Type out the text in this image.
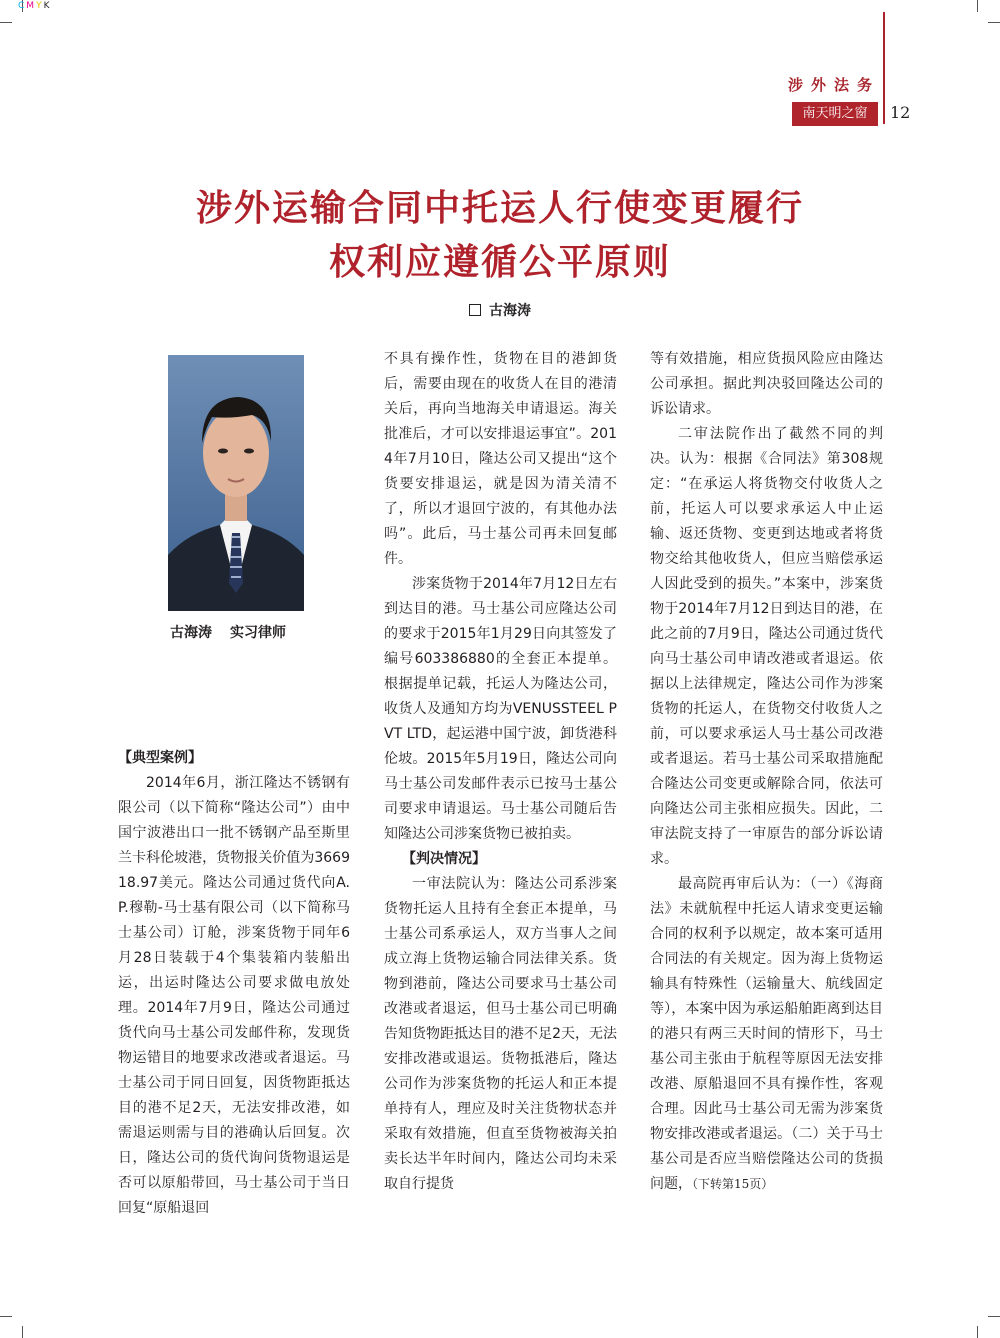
CMYK
涉外法务
南天明之窗	12
涉外运输合同中托运人行使变更履行
权利应遵循公平原则
古海涛
古海涛 实习律师
【典型案例】

2014年6月，浙江隆达不锈钢有限公司（以下简称“隆达公司”）由中国宁波港出口一批不锈钢产品至斯里兰卡科伦坡港，货物报关价值为366918.97美元。隆达公司通过货代向A.P.穆勒-马士基有限公司（以下简称马士基公司）订舱，涉案货物于同年6月28日装载于4个集装箱内装船出运，出运时隆达公司要求做电放处理。2014年7月9日，隆达公司通过货代向马士基公司发邮件称，发现货物运错目的地要求改港或者退运。马士基公司于同日回复，因货物距抵达目的港不足2天，无法安排改港，如需退运则需与目的港确认后回复。次日，隆达公司的货代询问货物退运是否可以原船带回，马士基公司于当日回复“原船退回

不具有操作性，货物在目的港卸货后，需要由现在的收货人在目的港清关后，再向当地海关申请退运。海关批准后，才可以安排退运事宜”。2014年7月10日，隆达公司又提出“这个货要安排退运，就是因为清关清不了，所以才退回宁波的，有其他办法吗”。此后，马士基公司再未回复邮件。

涉案货物于2014年7月12日左右到达目的港。马士基公司应隆达公司的要求于2015年1月29日向其签发了编号603386880的全套正本提单。根据提单记载，托运人为隆达公司，收货人及通知方均为VENUSSTEEL PVT LTD，起运港中国宁波，卸货港科伦坡。2015年5月19日，隆达公司向马士基公司发邮件表示已按马士基公司要求申请退运。马士基公司随后告知隆达公司涉案货物已被拍卖。

【判决情况】

一审法院认为：隆达公司系涉案货物托运人且持有全套正本提单，马士基公司系承运人，双方当事人之间成立海上货物运输合同法律关系。货物到港前，隆达公司要求马士基公司改港或者退运，但马士基公司已明确告知货物距抵达目的港不足2天，无法安排改港或退运。货物抵港后，隆达公司作为涉案货物的托运人和正本提单持有人，理应及时关注货物状态并采取有效措施，但直至货物被海关拍卖长达半年时间内，隆达公司均未采取自行提货

等有效措施，相应货损风险应由隆达公司承担。据此判决驳回隆达公司的诉讼请求。

二审法院作出了截然不同的判决。认为：根据《合同法》第308规定：“在承运人将货物交付收货人之前，托运人可以要求承运人中止运输、返还货物、变更到达地或者将货物交给其他收货人，但应当赔偿承运人因此受到的损失。”本案中，涉案货物于2014年7月12日到达目的港，在此之前的7月9日，隆达公司通过货代向马士基公司申请改港或者退运。依据以上法律规定，隆达公司作为涉案货物的托运人，在货物交付收货人之前，可以要求承运人马士基公司改港或者退运。若马士基公司采取措施配合隆达公司变更或解除合同，依法可向隆达公司主张相应损失。因此，二审法院支持了一审原告的部分诉讼请求。

最高院再审后认为：（一）《海商法》未就航程中托运人请求变更运输合同的权利予以规定，故本案可适用合同法的有关规定。因为海上货物运输具有特殊性（运输量大、航线固定等），本案中因为承运船舶距离到达目的港只有两三天时间的情形下，马士基公司主张由于航程等原因无法安排改港、原船退回不具有操作性，客观合理。因此马士基公司无需为涉案货物安排改港或者退运。（二）关于马士基公司是否应当赔偿隆达公司的货损问题，（下转第15页）
